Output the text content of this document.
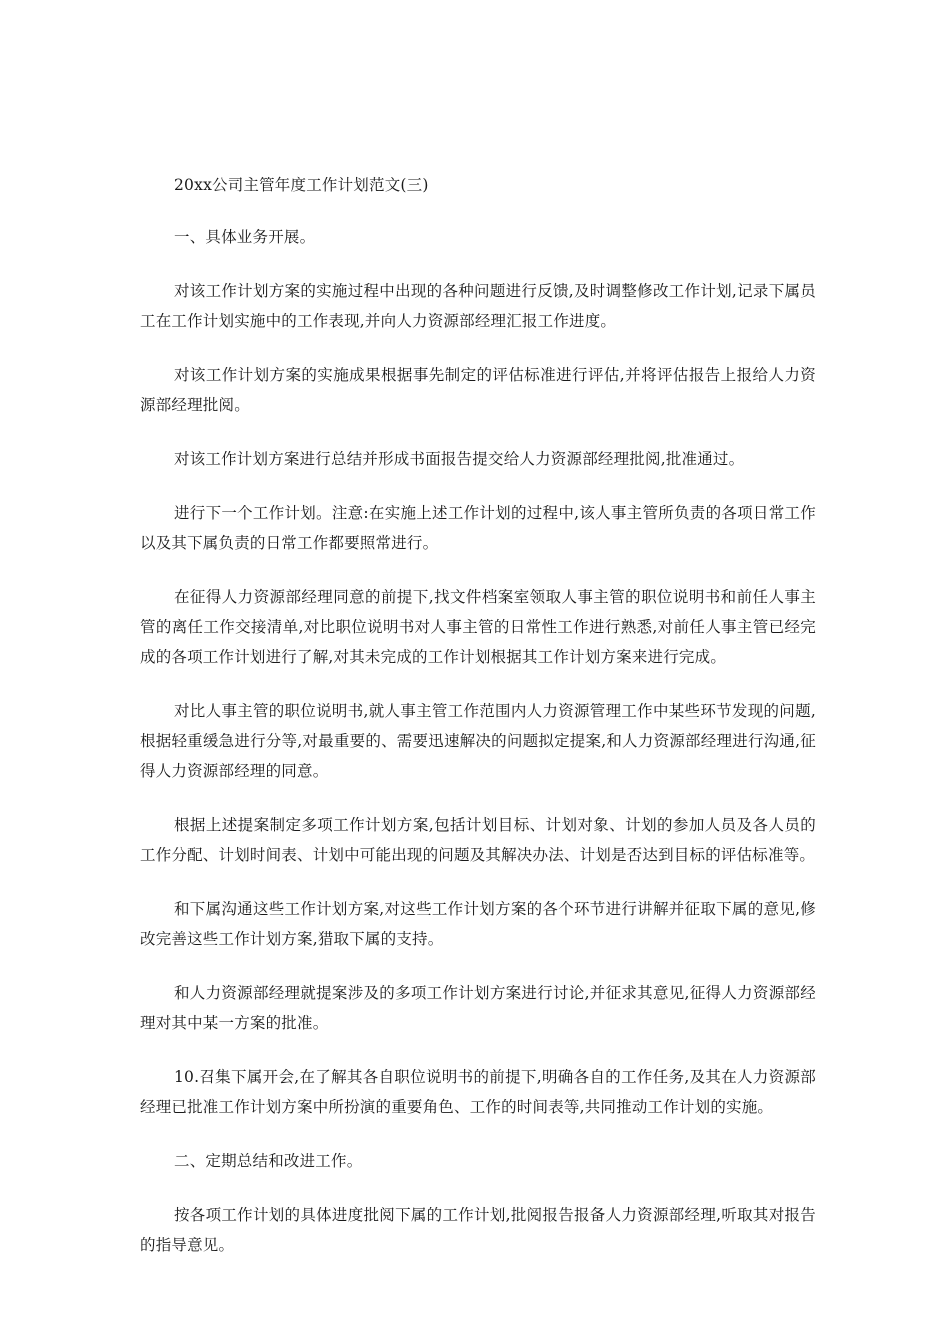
20xx公司主管年度工作计划范文(三)

一、具体业务开展。

对该工作计划方案的实施过程中出现的各种问题进行反馈,及时调整修改工作计划,记录下属员工在工作计划实施中的工作表现,并向人力资源部经理汇报工作进度。

对该工作计划方案的实施成果根据事先制定的评估标准进行评估,并将评估报告上报给人力资源部经理批阅。

对该工作计划方案进行总结并形成书面报告提交给人力资源部经理批阅,批准通过。

进行下一个工作计划。注意:在实施上述工作计划的过程中,该人事主管所负责的各项日常工作以及其下属负责的日常工作都要照常进行。

在征得人力资源部经理同意的前提下,找文件档案室领取人事主管的职位说明书和前任人事主管的离任工作交接清单,对比职位说明书对人事主管的日常性工作进行熟悉,对前任人事主管已经完成的各项工作计划进行了解,对其未完成的工作计划根据其工作计划方案来进行完成。

对比人事主管的职位说明书,就人事主管工作范围内人力资源管理工作中某些环节发现的问题,根据轻重缓急进行分等,对最重要的、需要迅速解决的问题拟定提案,和人力资源部经理进行沟通,征得人力资源部经理的同意。

根据上述提案制定多项工作计划方案,包括计划目标、计划对象、计划的参加人员及各人员的工作分配、计划时间表、计划中可能出现的问题及其解决办法、计划是否达到目标的评估标准等。

和下属沟通这些工作计划方案,对这些工作计划方案的各个环节进行讲解并征取下属的意见,修改完善这些工作计划方案,猎取下属的支持。

和人力资源部经理就提案涉及的多项工作计划方案进行讨论,并征求其意见,征得人力资源部经理对其中某一方案的批准。

10.召集下属开会,在了解其各自职位说明书的前提下,明确各自的工作任务,及其在人力资源部经理已批准工作计划方案中所扮演的重要角色、工作的时间表等,共同推动工作计划的实施。

二、定期总结和改进工作。

按各项工作计划的具体进度批阅下属的工作计划,批阅报告报备人力资源部经理,听取其对报告的指导意见。
